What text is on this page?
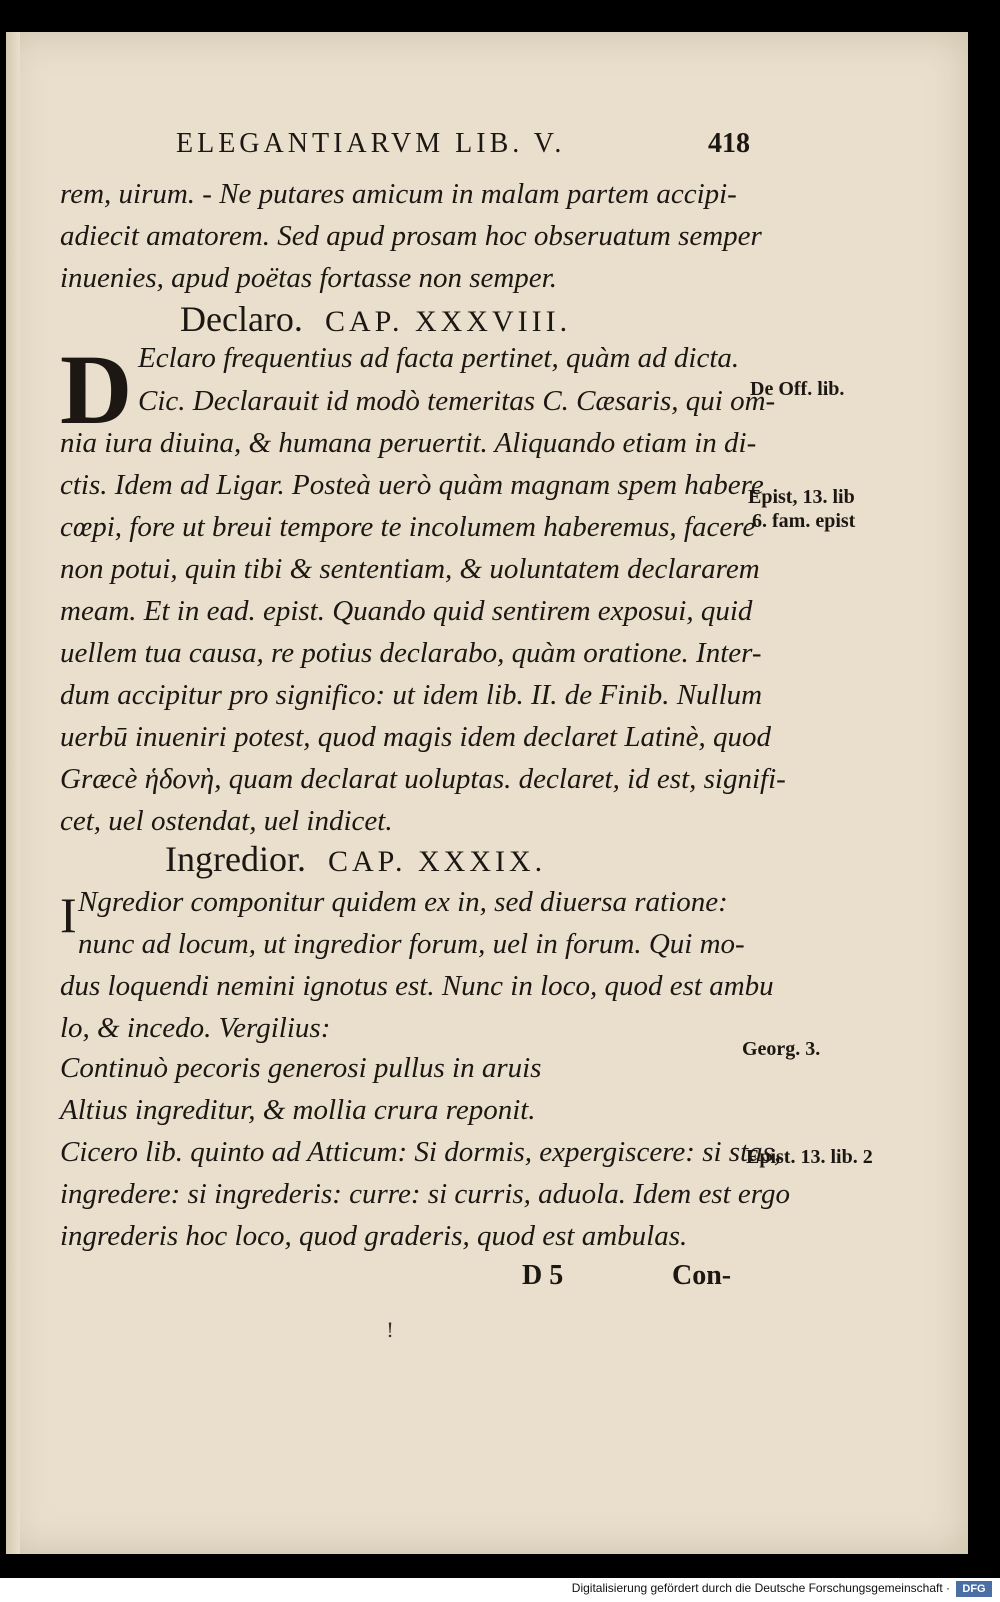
ELEGANTIARVM LIB. V.	418
rem, uirum. - Ne putares amicum in malam partem accipi-
adiecit amatorem. Sed apud prosam hoc obseruatum semper
inuenies, apud poëtas fortasse non semper.
Declaro. CAP. XXXVIII.
D Eclaro frequentius ad facta pertinet, quàm ad dicta.
Cic. Declarauit id modò temeritas C. Cæsaris, qui om-
nia iura diuina, & humana peruertit. Aliquando etiam in di-
ctis. Idem ad Ligar. Posteà uerò quàm magnam spem habere
cœpi, fore ut breui tempore te incolumem haberemus, facere
non potui, quin tibi & sententiam, & uoluntatem declararem
meam. Et in ead. epist. Quando quid sentirem exposui, quid
uellem tua causa, re potius declarabo, quàm oratione. Inter-
dum accipitur pro significo: ut idem lib. II. de Finib. Nullum
uerbū inueniri potest, quod magis idem declaret Latinè, quod
Græcè ἡδονὴ, quam declarat uoluptas. declaret, id est, signifi-
cet, uel ostendat, uel indicet.
Ingredior. CAP. XXXIX.
I Ngredior componitur quidem ex in, sed diuersa ratione:
nunc ad locum, ut ingredior forum, uel in forum. Qui mo-
dus loquendi nemini ignotus est. Nunc in loco, quod est ambu
lo, & incedo. Vergilius:
Continuò pecoris generosi pullus in aruis
Altius ingreditur, & mollia crura reponit.
Cicero lib. quinto ad Atticum: Si dormis, expergiscere: si stas,
ingredere: si ingrederis: curre: si curris, aduola. Idem est ergo
ingrederis hoc loco, quod graderis, quod est ambulas.
De Off. lib.
Epist, 13. lib
6. fam. epist
Georg. 3.
Epist. 13. lib. 2
D 5	Con-
!
Digitalisierung gefördert durch die Deutsche Forschungsgemeinschaft ·	DFG
